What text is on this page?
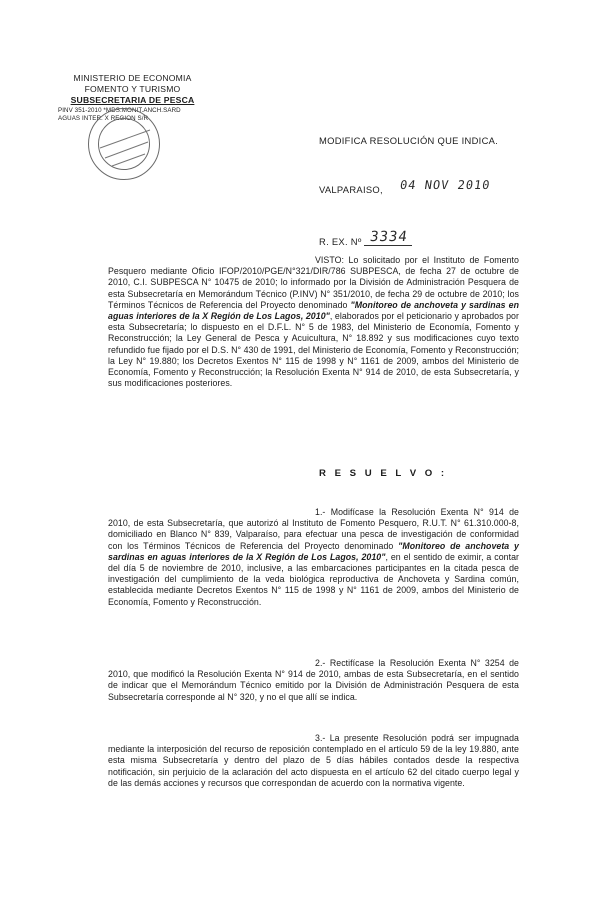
MINISTERIO DE ECONOMIA
FOMENTO Y TURISMO
SUBSECRETARIA DE PESCA
PINV 351-2010 *MDS.MONIT.ANCH.SARD
AGUAS INTER. X REGION S/R
MODIFICA RESOLUCIÓN QUE INDICA.
VALPARAISO, 04 NOV 2010
R. EX. Nº 3334
VISTO: Lo solicitado por el Instituto de Fomento Pesquero mediante Oficio IFOP/2010/PGE/N°321/DIR/786 SUBPESCA, de fecha 27 de octubre de 2010, C.I. SUBPESCA N° 10475 de 2010; lo informado por la División de Administración Pesquera de esta Subsecretaría en Memorándum Técnico (P.INV) N° 351/2010, de fecha 29 de octubre de 2010; los Términos Técnicos de Referencia del Proyecto denominado "Monitoreo de anchoveta y sardinas en aguas interiores de la X Región de Los Lagos, 2010", elaborados por el peticionario y aprobados por esta Subsecretaría; lo dispuesto en el D.F.L. N° 5 de 1983, del Ministerio de Economía, Fomento y Reconstrucción; la Ley General de Pesca y Acuicultura, N° 18.892 y sus modificaciones cuyo texto refundido fue fijado por el D.S. N° 430 de 1991, del Ministerio de Economía, Fomento y Reconstrucción; la Ley N° 19.880; los Decretos Exentos N° 115 de 1998 y N° 1161 de 2009, ambos del Ministerio de Economía, Fomento y Reconstrucción; la Resolución Exenta N° 914 de 2010, de esta Subsecretaría, y sus modificaciones posteriores.
R E S U E L V O :
1.- Modifícase la Resolución Exenta N° 914 de 2010, de esta Subsecretaría, que autorizó al Instituto de Fomento Pesquero, R.U.T. N° 61.310.000-8, domiciliado en Blanco N° 839, Valparaíso, para efectuar una pesca de investigación de conformidad con los Términos Técnicos de Referencia del Proyecto denominado "Monitoreo de anchoveta y sardinas en aguas interiores de la X Región de Los Lagos, 2010", en el sentido de eximir, a contar del día 5 de noviembre de 2010, inclusive, a las embarcaciones participantes en la citada pesca de investigación del cumplimiento de la veda biológica reproductiva de Anchoveta y Sardina común, establecida mediante Decretos Exentos N° 115 de 1998 y N° 1161 de 2009, ambos del Ministerio de Economía, Fomento y Reconstrucción.
2.- Rectifícase la Resolución Exenta N° 3254 de 2010, que modificó la Resolución Exenta N° 914 de 2010, ambas de esta Subsecretaría, en el sentido de indicar que el Memorándum Técnico emitido por la División de Administración Pesquera de esta Subsecretaría corresponde al N° 320, y no el que allí se indica.
3.- La presente Resolución podrá ser impugnada mediante la interposición del recurso de reposición contemplado en el artículo 59 de la ley 19.880, ante esta misma Subsecretaría y dentro del plazo de 5 días hábiles contados desde la respectiva notificación, sin perjuicio de la aclaración del acto dispuesta en el artículo 62 del citado cuerpo legal y de las demás acciones y recursos que correspondan de acuerdo con la normativa vigente.
